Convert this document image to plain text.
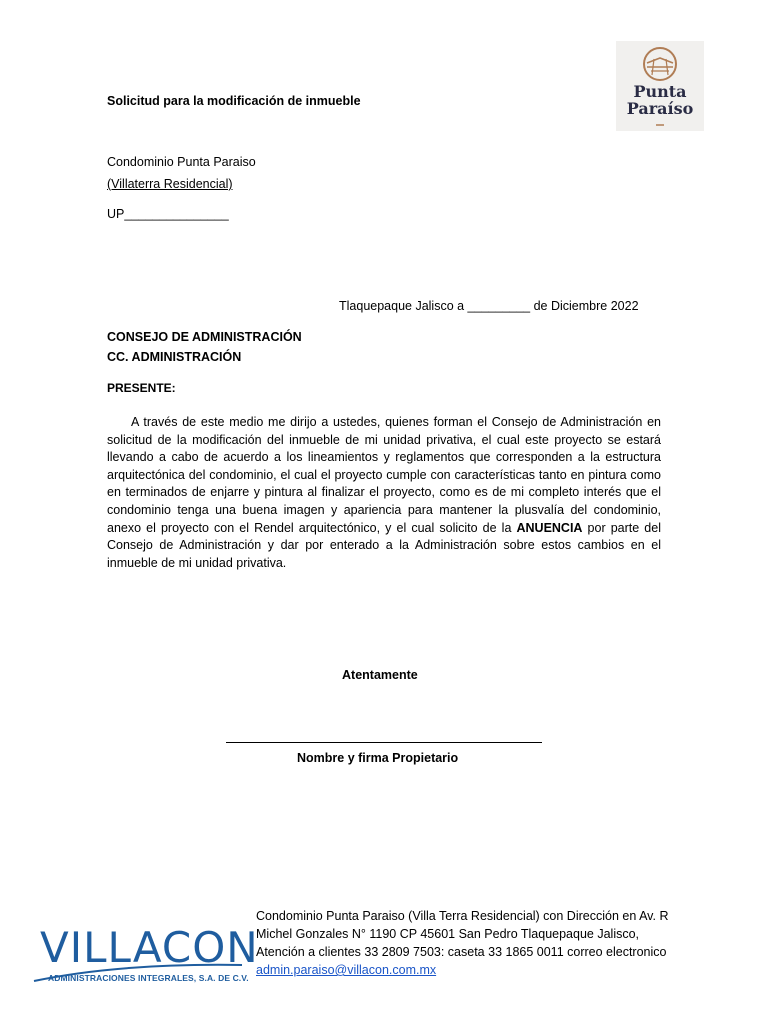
Solicitud para la modificación de inmueble	Punta
Paraíso
Condominio Punta Paraiso
(Villaterra Residencial)
UP_______________
Tlaquepaque Jalisco a _________ de Diciembre 2022
CONSEJO DE ADMINISTRACIÓN
CC. ADMINISTRACIÓN
PRESENTE:
A través de este medio me dirijo a ustedes, quienes forman el Consejo de Administración en solicitud de la modificación del inmueble de mi unidad privativa, el cual este proyecto se estará llevando a cabo de acuerdo a los lineamientos y reglamentos que corresponden a la estructura arquitectónica del condominio, el cual el proyecto cumple con características tanto en pintura como en terminados de enjarre y pintura al finalizar el proyecto, como es de mi completo interés que el condominio tenga una buena imagen y apariencia para mantener la plusvalía del condominio, anexo el proyecto con el Rendel arquitectónico, y el cual solicito de la ANUENCIA por parte del Consejo de Administración y dar por enterado a la Administración sobre estos cambios en el inmueble de mi unidad privativa.
Atentamente
Nombre y firma Propietario
VILLACON
ADMINISTRACIONES INTEGRALES, S.A. DE C.V.
Condominio Punta Paraiso (Villa Terra Residencial) con Dirección en Av. R Michel Gonzales N° 1190 CP 45601 San Pedro Tlaquepaque Jalisco, Atención a clientes 33 2809 7503: caseta 33 1865 0011 correo electronico admin.paraiso@villacon.com.mx
